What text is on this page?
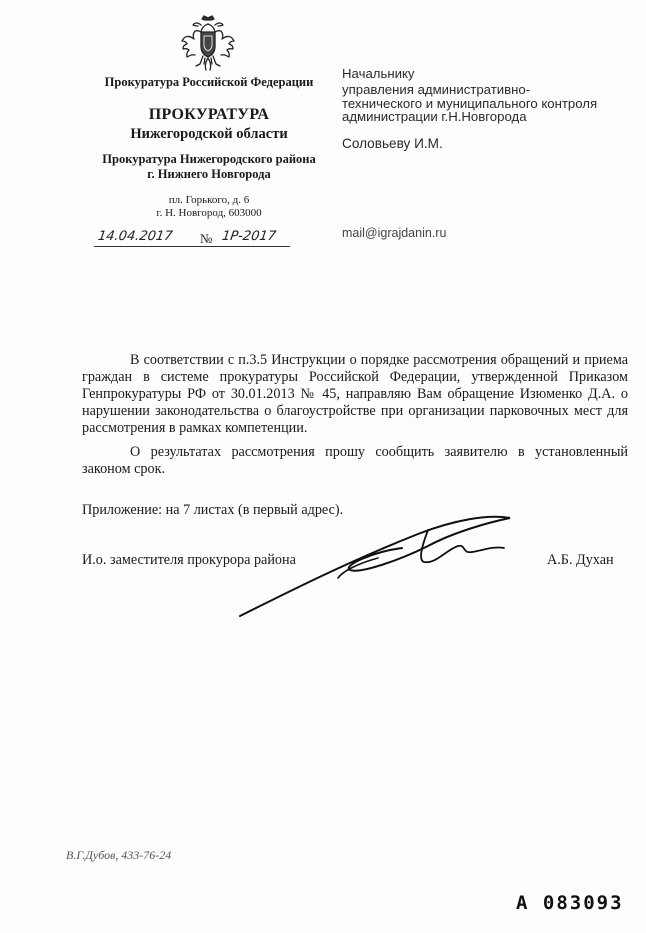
Прокуратура Российской Федерации
ПРОКУРАТУРА
Нижегородской области
Прокуратура Нижегородского района
г. Нижнего Новгорода
пл. Горького, д. 6
г. Н. Новгород, 603000
14.04.2017 № 1Р-2017
Начальнику
управления административно-
технического и муниципального контроля
администрации г.Н.Новгорода
Соловьеву И.М.
mail@igrajdanin.ru
В соответствии с п.3.5 Инструкции о порядке рассмотрения обращений и приема граждан в системе прокуратуры Российской Федерации, утвержденной Приказом Генпрокуратуры РФ от 30.01.2013 № 45, направляю Вам обращение Изюменко Д.А. о нарушении законодательства о благоустройстве при организации парковочных мест для рассмотрения в рамках компетенции.
О результатах рассмотрения прошу сообщить заявителю в установленный законом срок.
Приложение: на 7 листах (в первый адрес).
И.о. заместителя прокурора района	А.Б. Духан
В.Г.Дубов, 433-76-24
А 083093
